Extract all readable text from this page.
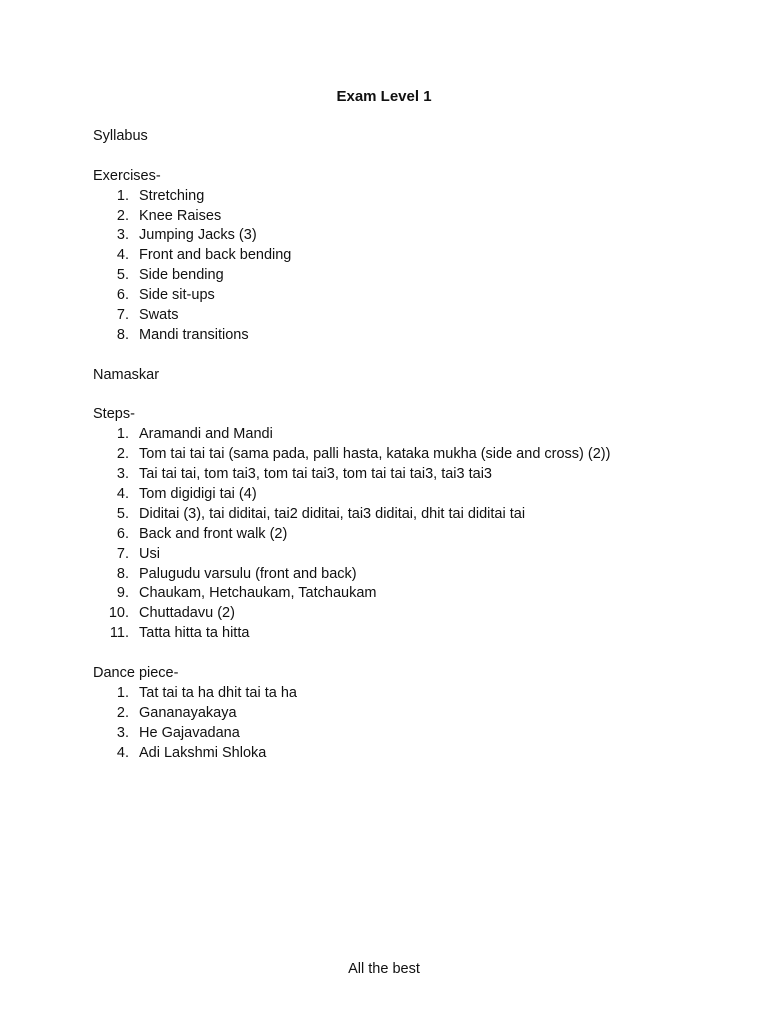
Exam Level 1
Syllabus
Exercises-
1. Stretching
2. Knee Raises
3. Jumping Jacks (3)
4. Front and back bending
5. Side bending
6. Side sit-ups
7. Swats
8. Mandi transitions
Namaskar
Steps-
1. Aramandi and Mandi
2. Tom tai tai tai (sama pada, palli hasta, kataka mukha (side and cross) (2))
3. Tai tai tai, tom tai3, tom tai tai3, tom tai tai tai3, tai3 tai3
4. Tom digidigi tai (4)
5. Diditai (3), tai diditai, tai2 diditai, tai3 diditai, dhit tai diditai tai
6. Back and front walk (2)
7. Usi
8. Palugudu varsulu (front and back)
9. Chaukam, Hetchaukam, Tatchaukam
10. Chuttadavu (2)
11. Tatta hitta ta hitta
Dance piece-
1. Tat tai ta ha dhit tai ta ha
2. Gananayakaya
3. He Gajavadana
4. Adi Lakshmi Shloka
All the best
